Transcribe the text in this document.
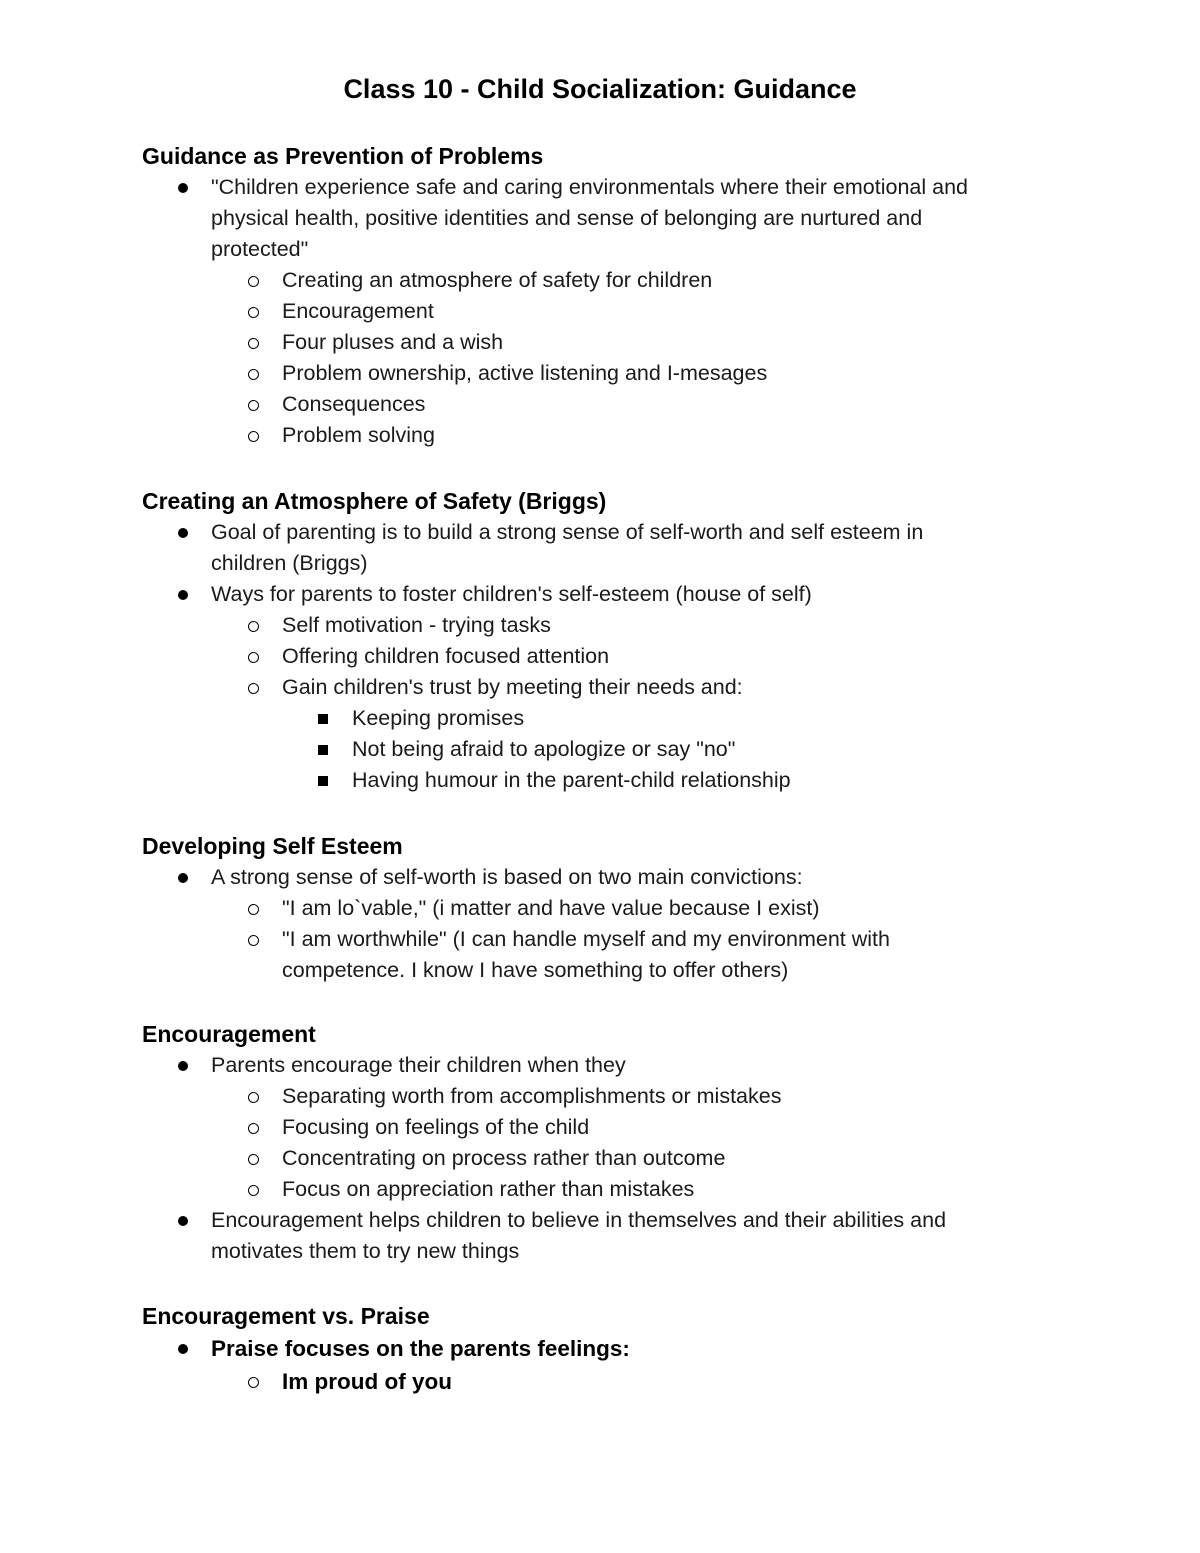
Class 10 - Child Socialization: Guidance
Guidance as Prevention of Problems
"Children experience safe and caring environmentals where their emotional and
physical health, positive identities and sense of belonging are nurtured and
protected"
Creating an atmosphere of safety for children
Encouragement
Four pluses and a wish
Problem ownership, active listening and I-mesages
Consequences
Problem solving
Creating an Atmosphere of Safety (Briggs)
Goal of parenting is to build a strong sense of self-worth and self esteem in
children (Briggs)
Ways for parents to foster children's self-esteem (house of self)
Self motivation - trying tasks
Offering children focused attention
Gain children's trust by meeting their needs and:
Keeping promises
Not being afraid to apologize or say "no"
Having humour in the parent-child relationship
Developing Self Esteem
A strong sense of self-worth is based on two main convictions:
"I am lo`vable," (i matter and have value because I exist)
"I am worthwhile" (I can handle myself and my environment with
competence. I know I have something to offer others)
Encouragement
Parents encourage their children when they
Separating worth from accomplishments or mistakes
Focusing on feelings of the child
Concentrating on process rather than outcome
Focus on appreciation rather than mistakes
Encouragement helps children to believe in themselves and their abilities and
motivates them to try new things
Encouragement vs. Praise
Praise focuses on the parents feelings:
Im proud of you
